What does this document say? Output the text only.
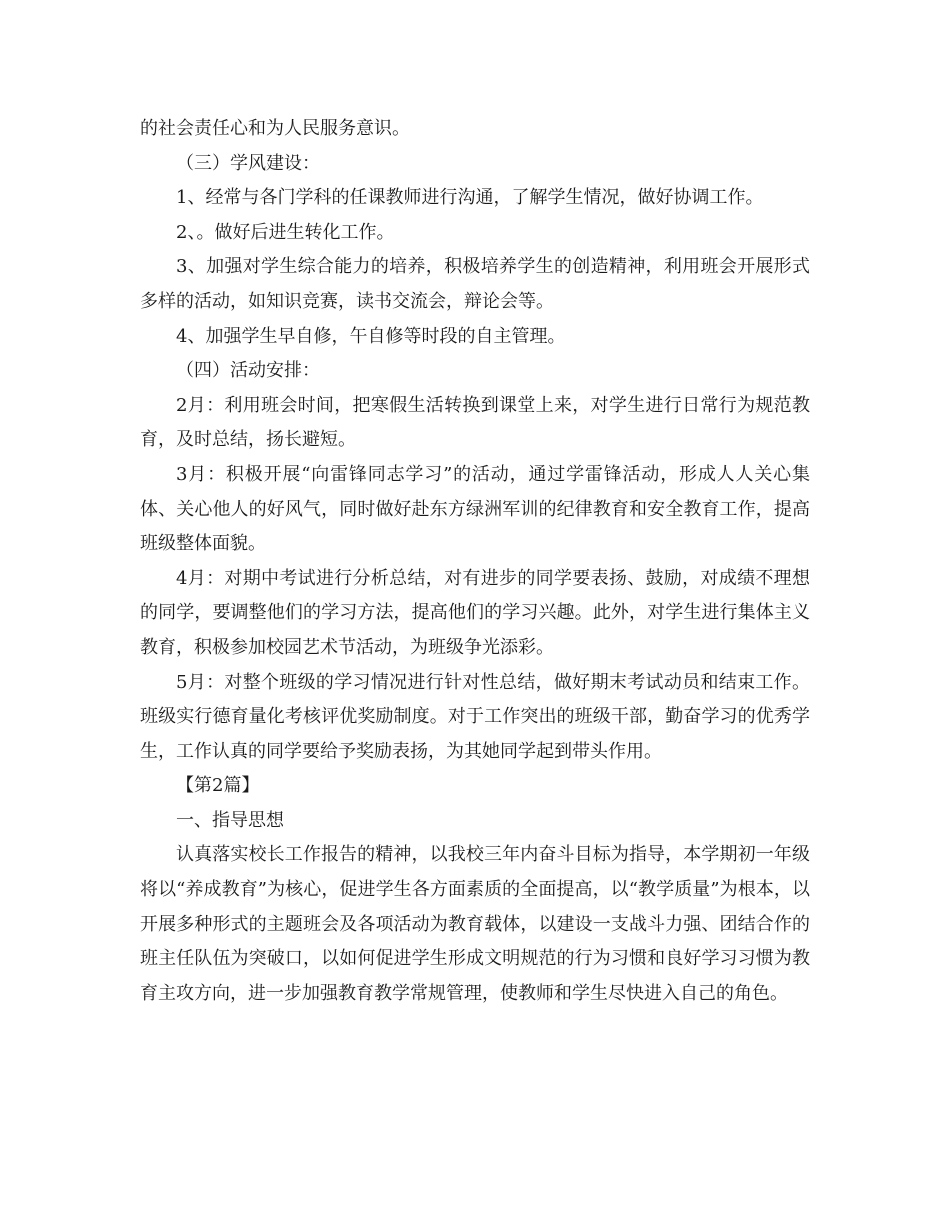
的社会责任心和为人民服务意识。

（三）学风建设：

1、经常与各门学科的任课教师进行沟通，了解学生情况，做好协调工作。

2、。做好后进生转化工作。

3、加强对学生综合能力的培养，积极培养学生的创造精神，利用班会开展形式多样的活动，如知识竞赛，读书交流会，辩论会等。

4、加强学生早自修，午自修等时段的自主管理。

（四）活动安排：

2月：利用班会时间，把寒假生活转换到课堂上来，对学生进行日常行为规范教育，及时总结，扬长避短。

3月：积极开展“向雷锋同志学习”的活动，通过学雷锋活动，形成人人关心集体、关心他人的好风气，同时做好赴东方绿洲军训的纪律教育和安全教育工作，提高班级整体面貌。

4月：对期中考试进行分析总结，对有进步的同学要表扬、鼓励，对成绩不理想的同学，要调整他们的学习方法，提高他们的学习兴趣。此外，对学生进行集体主义教育，积极参加校园艺术节活动，为班级争光添彩。

5月：对整个班级的学习情况进行针对性总结，做好期末考试动员和结束工作。班级实行德育量化考核评优奖励制度。对于工作突出的班级干部，勤奋学习的优秀学生，工作认真的同学要给予奖励表扬，为其她同学起到带头作用。

【第2篇】

一、指导思想

认真落实校长工作报告的精神，以我校三年内奋斗目标为指导，本学期初一年级将以“养成教育”为核心，促进学生各方面素质的全面提高，以“教学质量”为根本，以开展多种形式的主题班会及各项活动为教育载体，以建设一支战斗力强、团结合作的班主任队伍为突破口，以如何促进学生形成文明规范的行为习惯和良好学习习惯为教育主攻方向，进一步加强教育教学常规管理，使教师和学生尽快进入自己的角色。
